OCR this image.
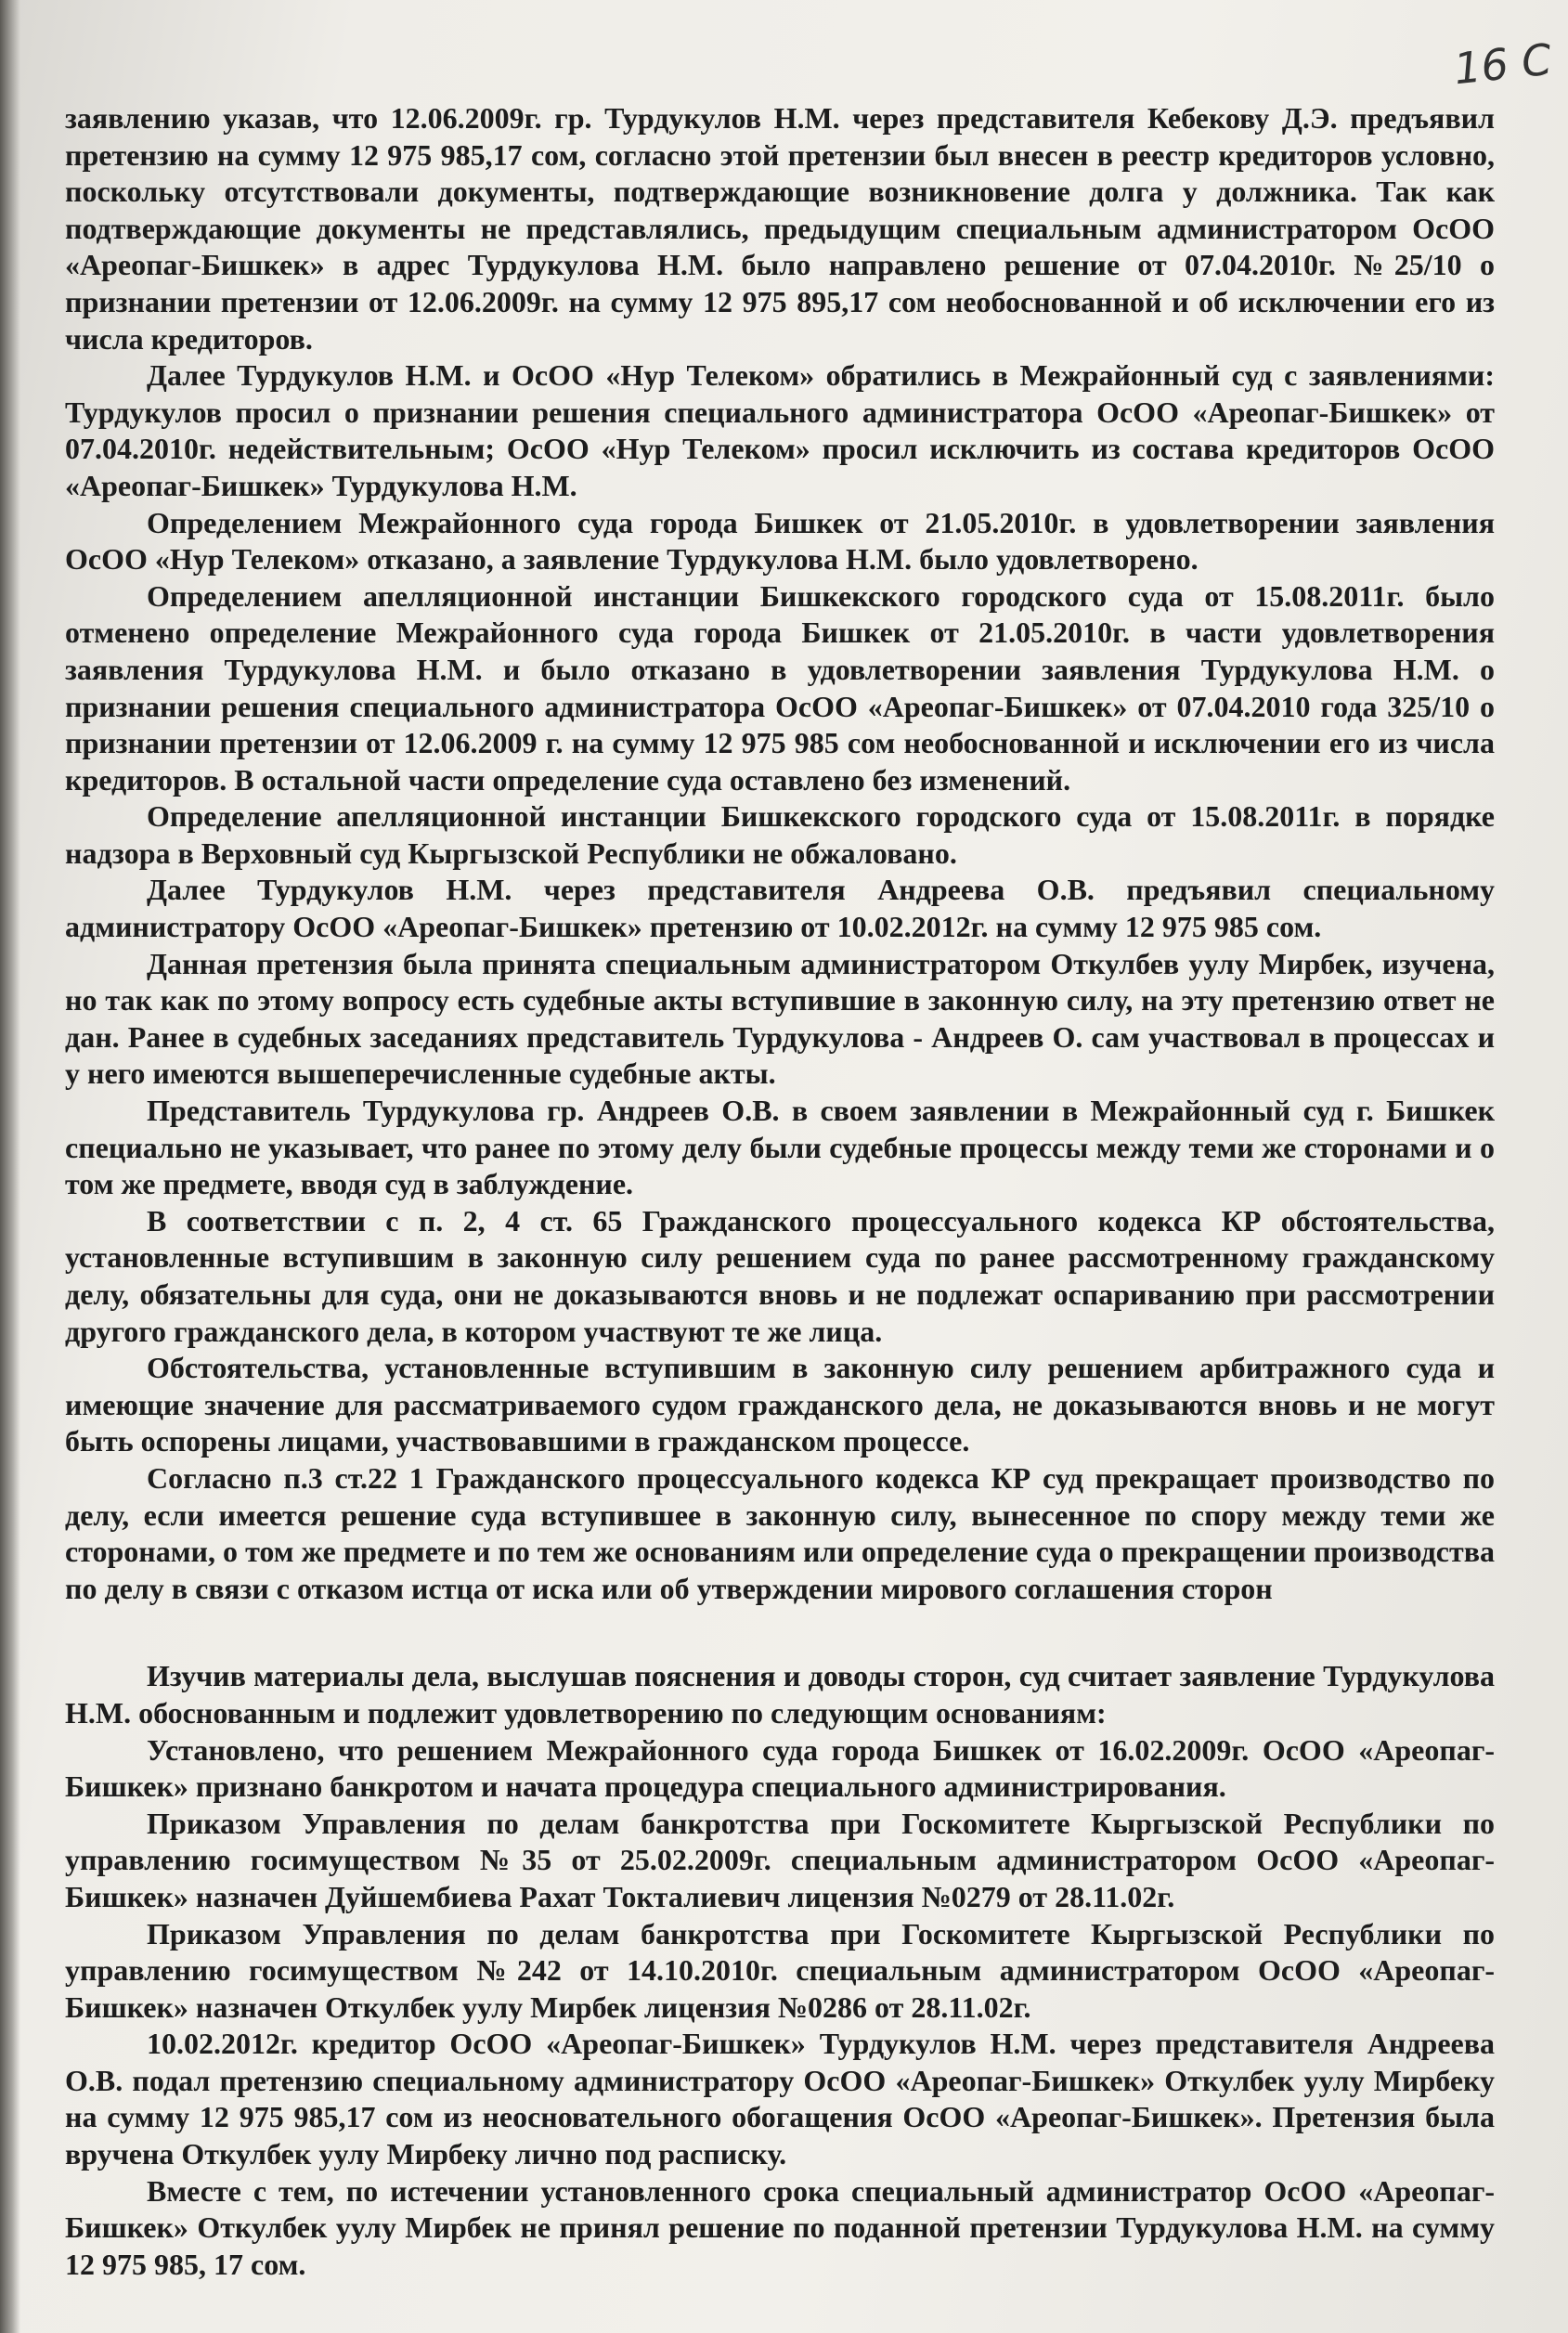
16 C

заявлению указав, что 12.06.2009г. гр. Турдукулов Н.М. через представителя Кебекову Д.Э. предъявил претензию на сумму 12 975 985,17 сом, согласно этой претензии был внесен в реестр кредиторов условно, поскольку отсутствовали документы, подтверждающие возникновение долга у должника. Так как подтверждающие документы не представлялись, предыдущим специальным администратором ОсОО «Ареопаг-Бишкек» в адрес Турдукулова Н.М. было направлено решение от 07.04.2010г. №25/10 о признании претензии от 12.06.2009г. на сумму 12 975 895,17 сом необоснованной и об исключении его из числа кредиторов.

Далее Турдукулов Н.М. и ОсОО «Нур Телеком» обратились в Межрайонный суд с заявлениями: Турдукулов просил о признании решения специального администратора ОсОО «Ареопаг-Бишкек» от 07.04.2010г. недействительным; ОсОО «Нур Телеком» просил исключить из состава кредиторов ОсОО «Ареопаг-Бишкек» Турдукулова Н.М.

Определением Межрайонного суда города Бишкек от 21.05.2010г. в удовлетворении заявления ОсОО «Нур Телеком» отказано, а заявление Турдукулова Н.М. было удовлетворено.

Определением апелляционной инстанции Бишкекского городского суда от 15.08.2011г. было отменено определение Межрайонного суда города Бишкек от 21.05.2010г. в части удовлетворения заявления Турдукулова Н.М. и было отказано в удовлетворении заявления Турдукулова Н.М. о признании решения специального администратора ОсОО «Ареопаг-Бишкек» от 07.04.2010 года 325/10 о признании претензии от 12.06.2009 г. на сумму 12 975 985 сом необоснованной и исключении его из числа кредиторов. В остальной части определение суда оставлено без изменений.

Определение апелляционной инстанции Бишкекского городского суда от 15.08.2011г. в порядке надзора в Верховный суд Кыргызской Республики не обжаловано.

Далее Турдукулов Н.М. через представителя Андреева О.В. предъявил специальному администратору ОсОО «Ареопаг-Бишкек» претензию от 10.02.2012г. на сумму 12 975 985 сом.

Данная претензия была принята специальным администратором Откулбев уулу Мирбек, изучена, но так как по этому вопросу есть судебные акты вступившие в законную силу, на эту претензию ответ не дан. Ранее в судебных заседаниях представитель Турдукулова - Андреев О. сам участвовал в процессах и у него имеются вышеперечисленные судебные акты.

Представитель Турдукулова гр. Андреев О.В. в своем заявлении в Межрайонный суд г. Бишкек специально не указывает, что ранее по этому делу были судебные процессы между теми же сторонами и о том же предмете, вводя суд в заблуждение.

В соответствии с п. 2, 4 ст. 65 Гражданского процессуального кодекса КР обстоятельства, установленные вступившим в законную силу решением суда по ранее рассмотренному гражданскому делу, обязательны для суда, они не доказываются вновь и не подлежат оспариванию при рассмотрении другого гражданского дела, в котором участвуют те же лица.

Обстоятельства, установленные вступившим в законную силу решением арбитражного суда и имеющие значение для рассматриваемого судом гражданского дела, не доказываются вновь и не могут быть оспорены лицами, участвовавшими в гражданском процессе.

Согласно п.3 ст.22 1 Гражданского процессуального кодекса КР суд прекращает производство по делу, если имеется решение суда вступившее в законную силу, вынесенное по спору между теми же сторонами, о том же предмете и по тем же основаниям или определение суда о прекращении производства по делу в связи с отказом истца от иска или об утверждении мирового соглашения сторон

Изучив материалы дела, выслушав пояснения и доводы сторон, суд считает заявление Турдукулова Н.М. обоснованным и подлежит удовлетворению по следующим основаниям:

Установлено, что решением Межрайонного суда города Бишкек от 16.02.2009г. ОсОО «Ареопаг-Бишкек» признано банкротом и начата процедура специального администрирования.

Приказом Управления по делам банкротства при Госкомитете Кыргызской Республики по управлению госимуществом №35 от 25.02.2009г. специальным администратором ОсОО «Ареопаг-Бишкек» назначен Дуйшембиева Рахат Токталиевич лицензия №0279 от 28.11.02г.

Приказом Управления по делам банкротства при Госкомитете Кыргызской Республики по управлению госимуществом №242 от 14.10.2010г. специальным администратором ОсОО «Ареопаг-Бишкек» назначен Откулбек уулу Мирбек лицензия №0286 от 28.11.02г.

10.02.2012г. кредитор ОсОО «Ареопаг-Бишкек» Турдукулов Н.М. через представителя Андреева О.В. подал претензию специальному администратору ОсОО «Ареопаг-Бишкек» Откулбек уулу Мирбеку на сумму 12 975 985,17 сом из неосновательного обогащения ОсОО «Ареопаг-Бишкек». Претензия была вручена Откулбек уулу Мирбеку лично под расписку.

Вместе с тем, по истечении установленного срока специальный администратор ОсОО «Ареопаг-Бишкек» Откулбек уулу Мирбек не принял решение по поданной претензии Турдукулова Н.М. на сумму 12 975 985, 17 сом.
